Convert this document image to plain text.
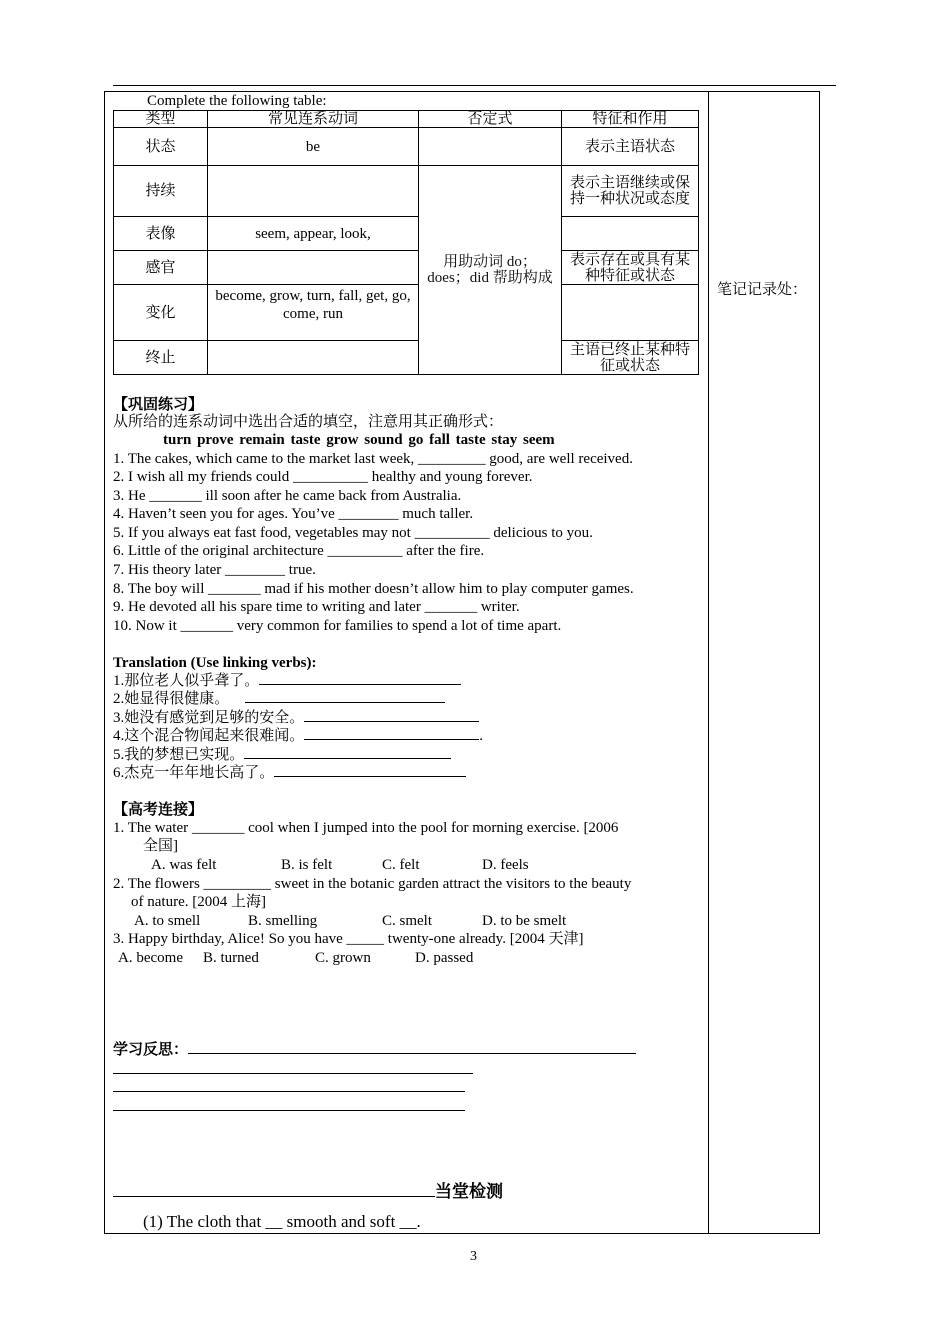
笔记记录处：
Complete the following table:
类型	常见连系动词	否定式	特征和作用
状态	be		表示主语状态
持续		用助动词 do；does；did 帮助构成	表示主语继续或保持一种状况或态度
表像	seem, appear, look,		
感官			表示存在或具有某种特征或状态
变化	become, grow, turn, fall, get, go, come, run		
终止			主语已终止某种特征或状态
【巩固练习】
从所给的连系动词中选出合适的填空，注意用其正确形式：
turn prove remain taste grow sound go fall taste stay seem
1. The cakes, which came to the market last week, _________ good, are well received.
2. I wish all my friends could __________ healthy and young forever.
3. He _______ ill soon after he came back from Australia.
4. Haven’t seen you for ages. You’ve ________ much taller.
5. If you always eat fast food, vegetables may not __________ delicious to you.
6. Little of the original architecture __________ after the fire.
7. His theory later ________ true.
8. The boy will _______ mad if his mother doesn’t allow him to play computer games.
9. He devoted all his spare time to writing and later _______ writer.
10. Now it _______ very common for families to spend a lot of time apart.
Translation (Use linking verbs):
1.那位老人似乎聋了。
2.她显得很健康。
3.她没有感觉到足够的安全。
4.这个混合物闻起来很难闻。	.
5.我的梦想已实现。
6.杰克一年年地长高了。
【高考连接】
1. The water _______ cool when I jumped into the pool for morning exercise. [2006
全国]
A. was felt	B. is felt	C. felt	D. feels
2. The flowers _________ sweet in the botanic garden attract the visitors to the beauty
of nature. [2004 上海]
A. to smell	B. smelling	C. smelt	D. to be smelt
3. Happy birthday, Alice! So you have _____ twenty-one already. [2004 天津]
A. become B. turned	C. grown	D. passed
学习反思：
当堂检测
(1) The cloth that __ smooth and soft __.
3
